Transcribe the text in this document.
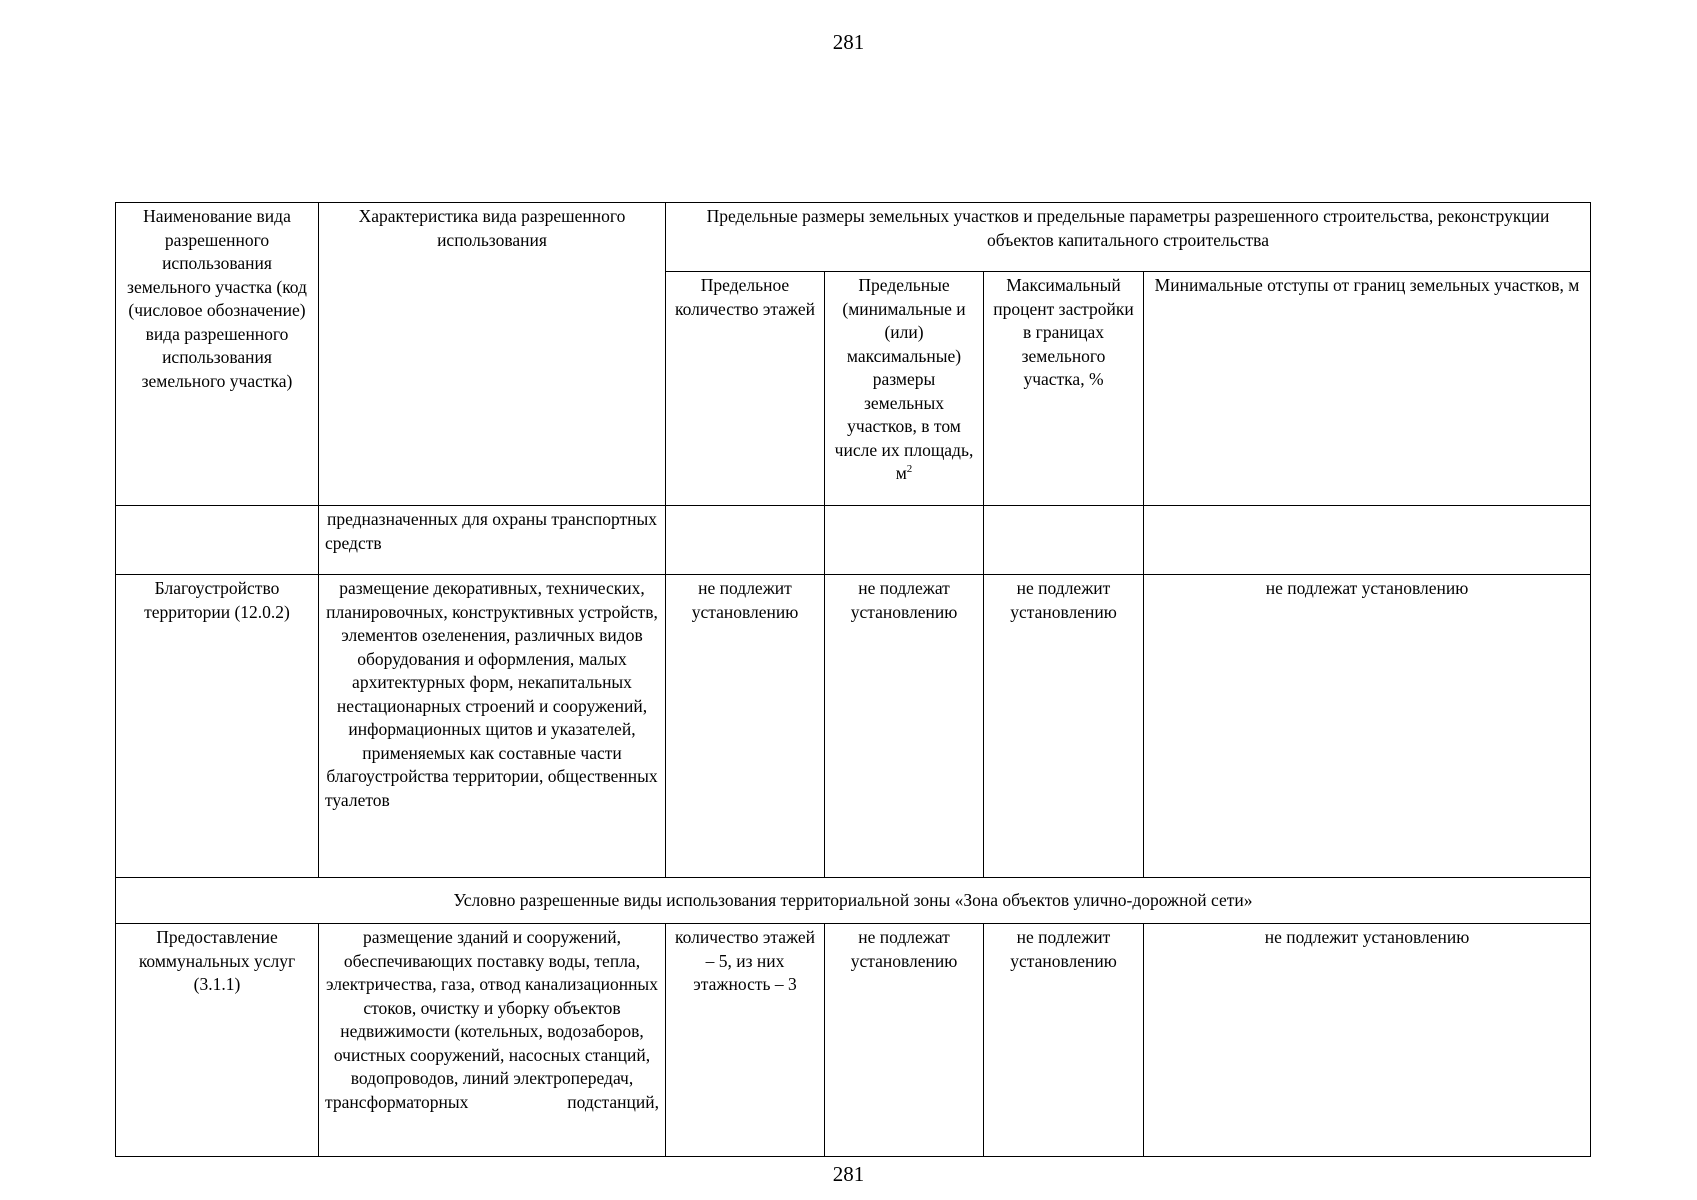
281
Наименование вида разрешенного использования земельного участка (код (числовое обозначение) вида разрешенного использования земельного участка)	Характеристика вида разрешенного использования	Предельные размеры земельных участков и предельные параметры разрешенного строительства, реконструкции объектов капитального строительства			
		Предельное количество этажей	Предельные (минимальные и (или) максимальные) размеры земельных участков, в том числе их площадь, $м^2$	Максимальный процент застройки в границах земельного участка, %	Минимальные отступы от границ земельных участков, м
	предназначенных для охраны транспортных средств				
Благоустройство территории (12.0.2)	размещение декоративных, технических, планировочных, конструктивных устройств, элементов озеленения, различных видов оборудования и оформления, малых архитектурных форм, некапитальных нестационарных строений и сооружений, информационных щитов и указателей, применяемых как составные части благоустройства территории, общественных туалетов	не подлежит установлению	не подлежат установлению	не подлежит установлению	не подлежат установлению
Условно разрешенные виды использования территориальной зоны «Зона объектов улично-дорожной сети»					
Предоставление коммунальных услуг (3.1.1)	размещение зданий и сооружений, обеспечивающих поставку воды, тепла, электричества, газа, отвод канализационных стоков, очистку и уборку объектов недвижимости (котельных, водозаборов, очистных сооружений, насосных станций, водопроводов, линий электропередач, трансформаторных подстанций,	количество этажей – 5, из них этажность – 3	не подлежат установлению	не подлежит установлению	не подлежит установлению
281
